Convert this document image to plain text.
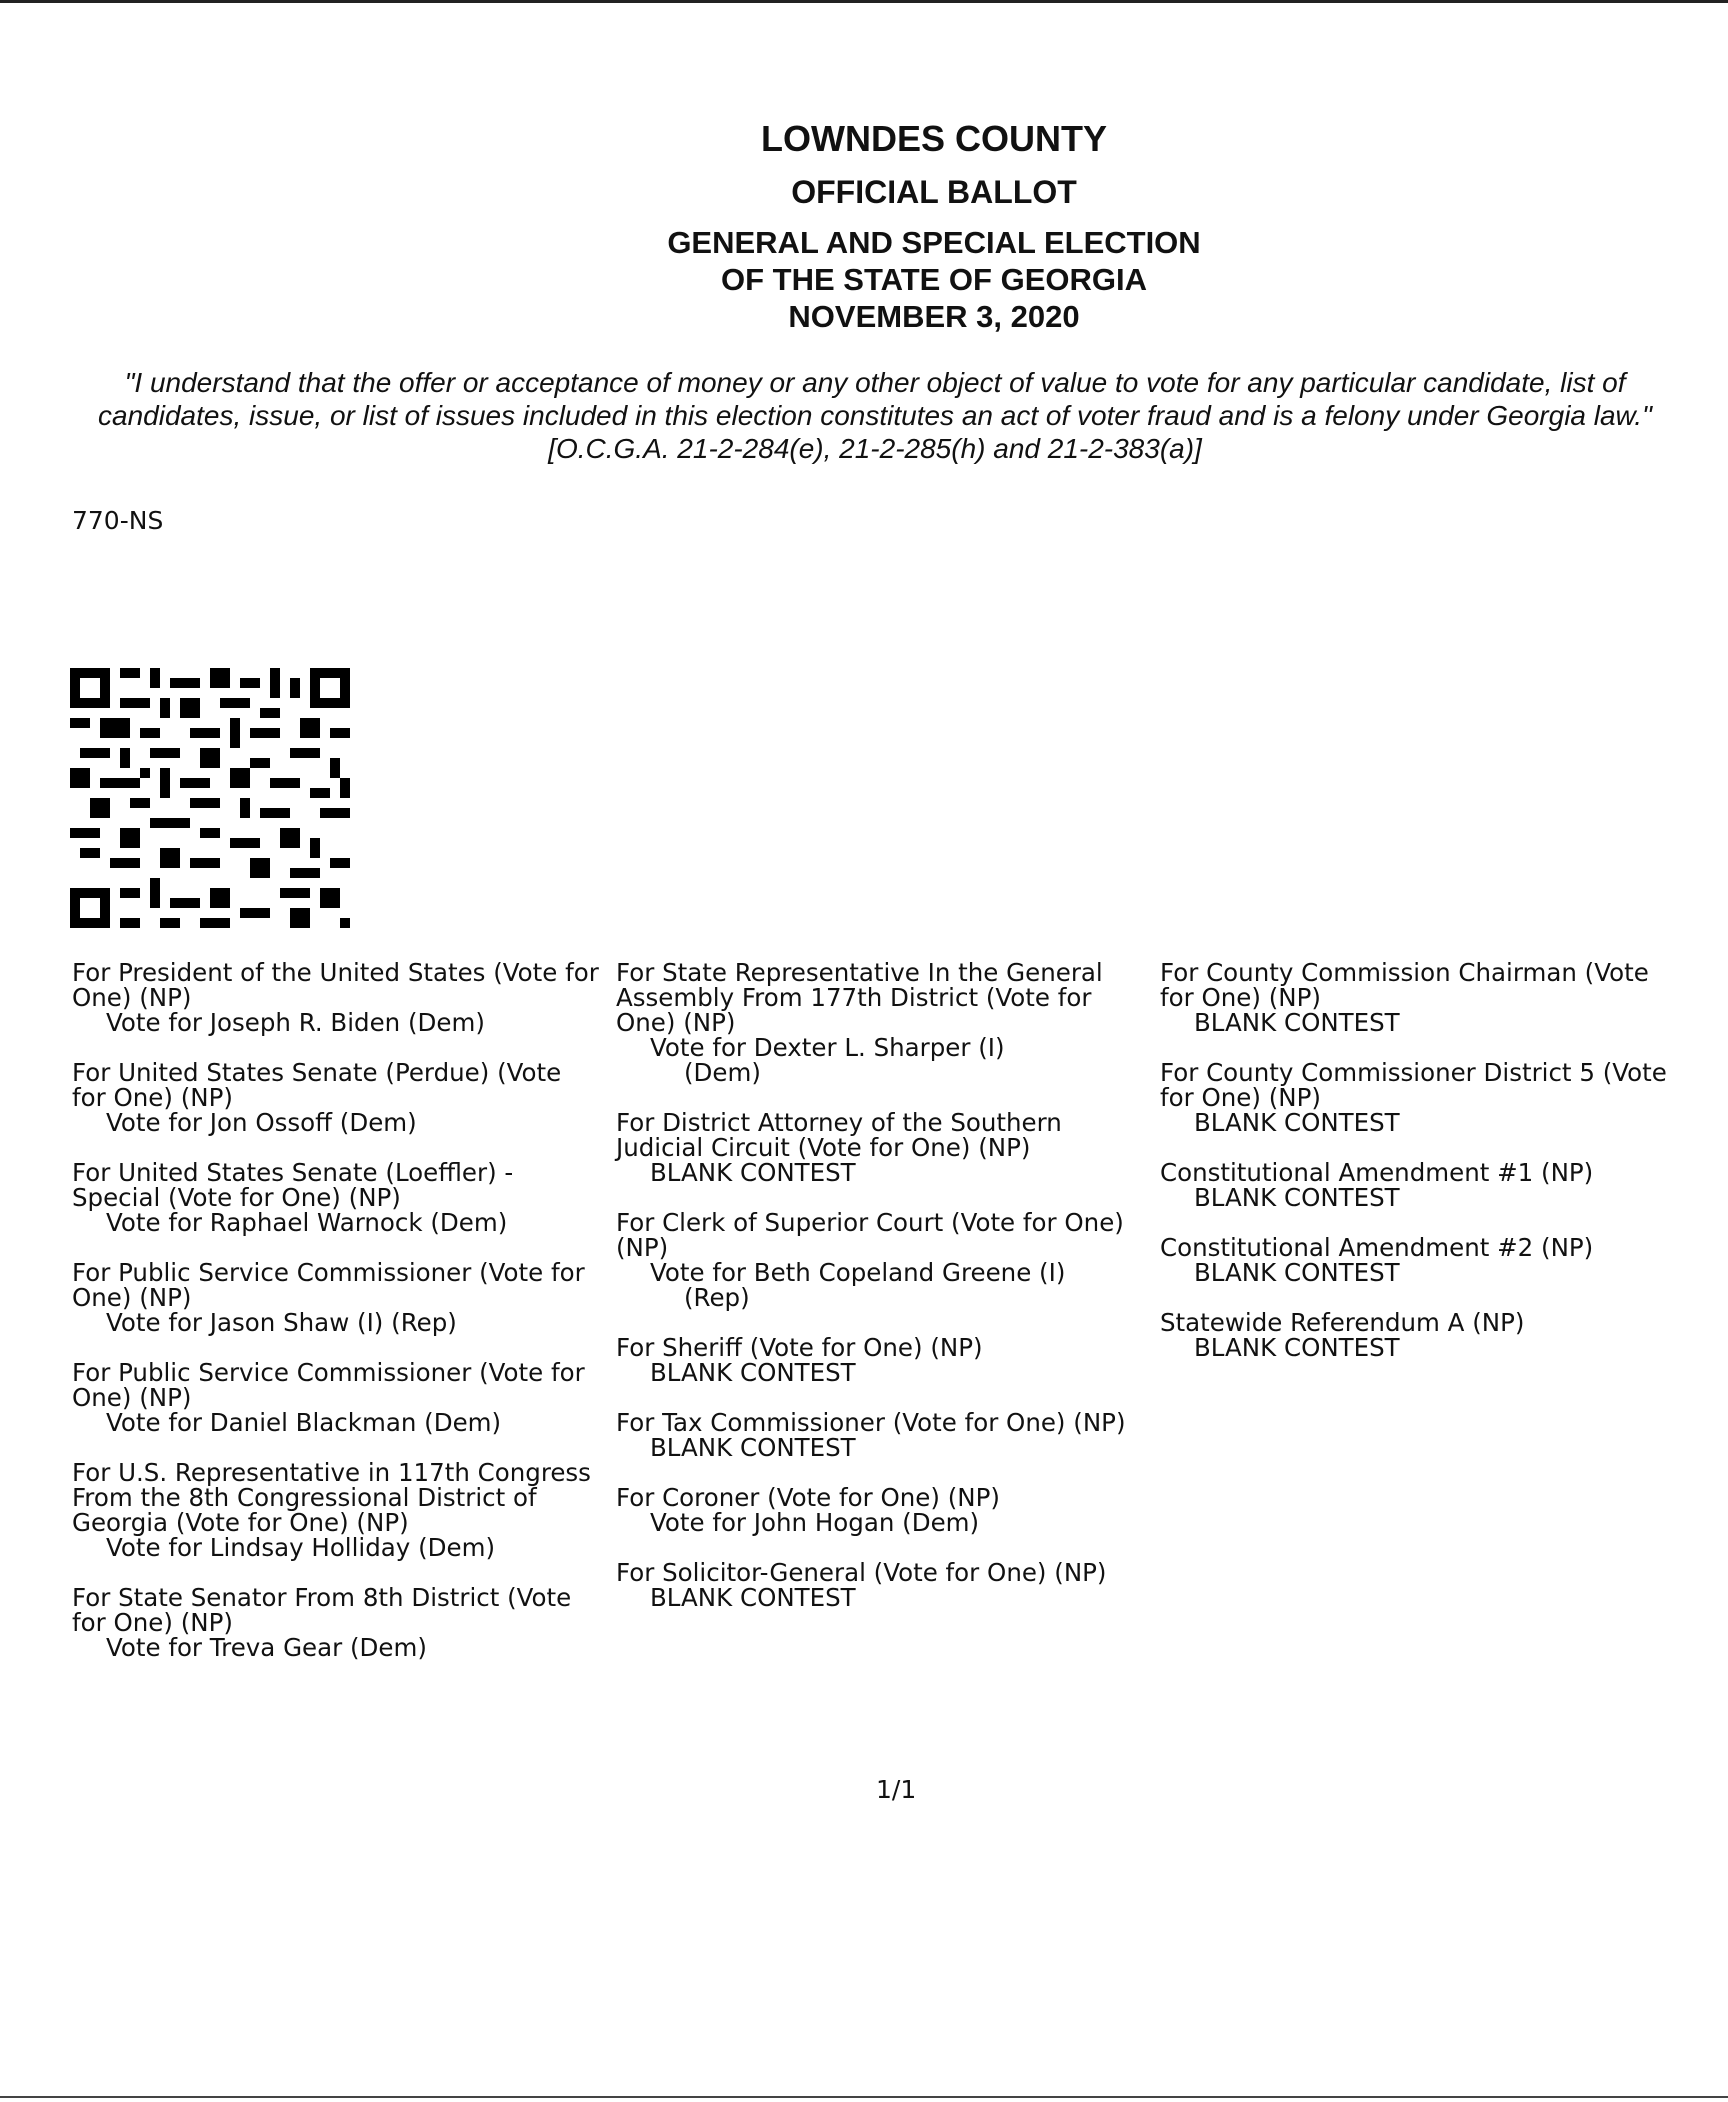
LOWNDES COUNTY
OFFICIAL BALLOT
GENERAL AND SPECIAL ELECTION
OF THE STATE OF GEORGIA
NOVEMBER 3, 2020
"I understand that the offer or acceptance of money or any other object of value to vote for any particular candidate, list of candidates, issue, or list of issues included in this election constitutes an act of voter fraud and is a felony under Georgia law."[O.C.G.A. 21-2-284(e), 21-2-285(h) and 21-2-383(a)]
770-NS
For President of the United States (Vote for One) (NP)
Vote for Joseph R. Biden (Dem)
For United States Senate (Perdue) (Vote for One) (NP)
Vote for Jon Ossoff (Dem)
For United States Senate (Loeffler) - Special (Vote for One) (NP)
Vote for Raphael Warnock (Dem)
For Public Service Commissioner (Vote for One) (NP)
Vote for Jason Shaw (I) (Rep)
For Public Service Commissioner (Vote for One) (NP)
Vote for Daniel Blackman (Dem)
For U.S. Representative in 117th Congress From the 8th Congressional District of Georgia (Vote for One) (NP)
Vote for Lindsay Holliday (Dem)
For State Senator From 8th District (Vote for One) (NP)
Vote for Treva Gear (Dem)
For State Representative In the General Assembly From 177th District (Vote for One) (NP)
Vote for Dexter L. Sharper (I)
(Dem)
For District Attorney of the Southern Judicial Circuit (Vote for One) (NP)
BLANK CONTEST
For Clerk of Superior Court (Vote for One) (NP)
Vote for Beth Copeland Greene (I)
(Rep)
For Sheriff (Vote for One) (NP)
BLANK CONTEST
For Tax Commissioner (Vote for One) (NP)
BLANK CONTEST
For Coroner (Vote for One) (NP)
Vote for John Hogan (Dem)
For Solicitor-General (Vote for One) (NP)
BLANK CONTEST
For County Commission Chairman (Vote for One) (NP)
BLANK CONTEST
For County Commissioner District 5 (Vote for One) (NP)
BLANK CONTEST
Constitutional Amendment #1 (NP)
BLANK CONTEST
Constitutional Amendment #2 (NP)
BLANK CONTEST
Statewide Referendum A (NP)
BLANK CONTEST
1/1
